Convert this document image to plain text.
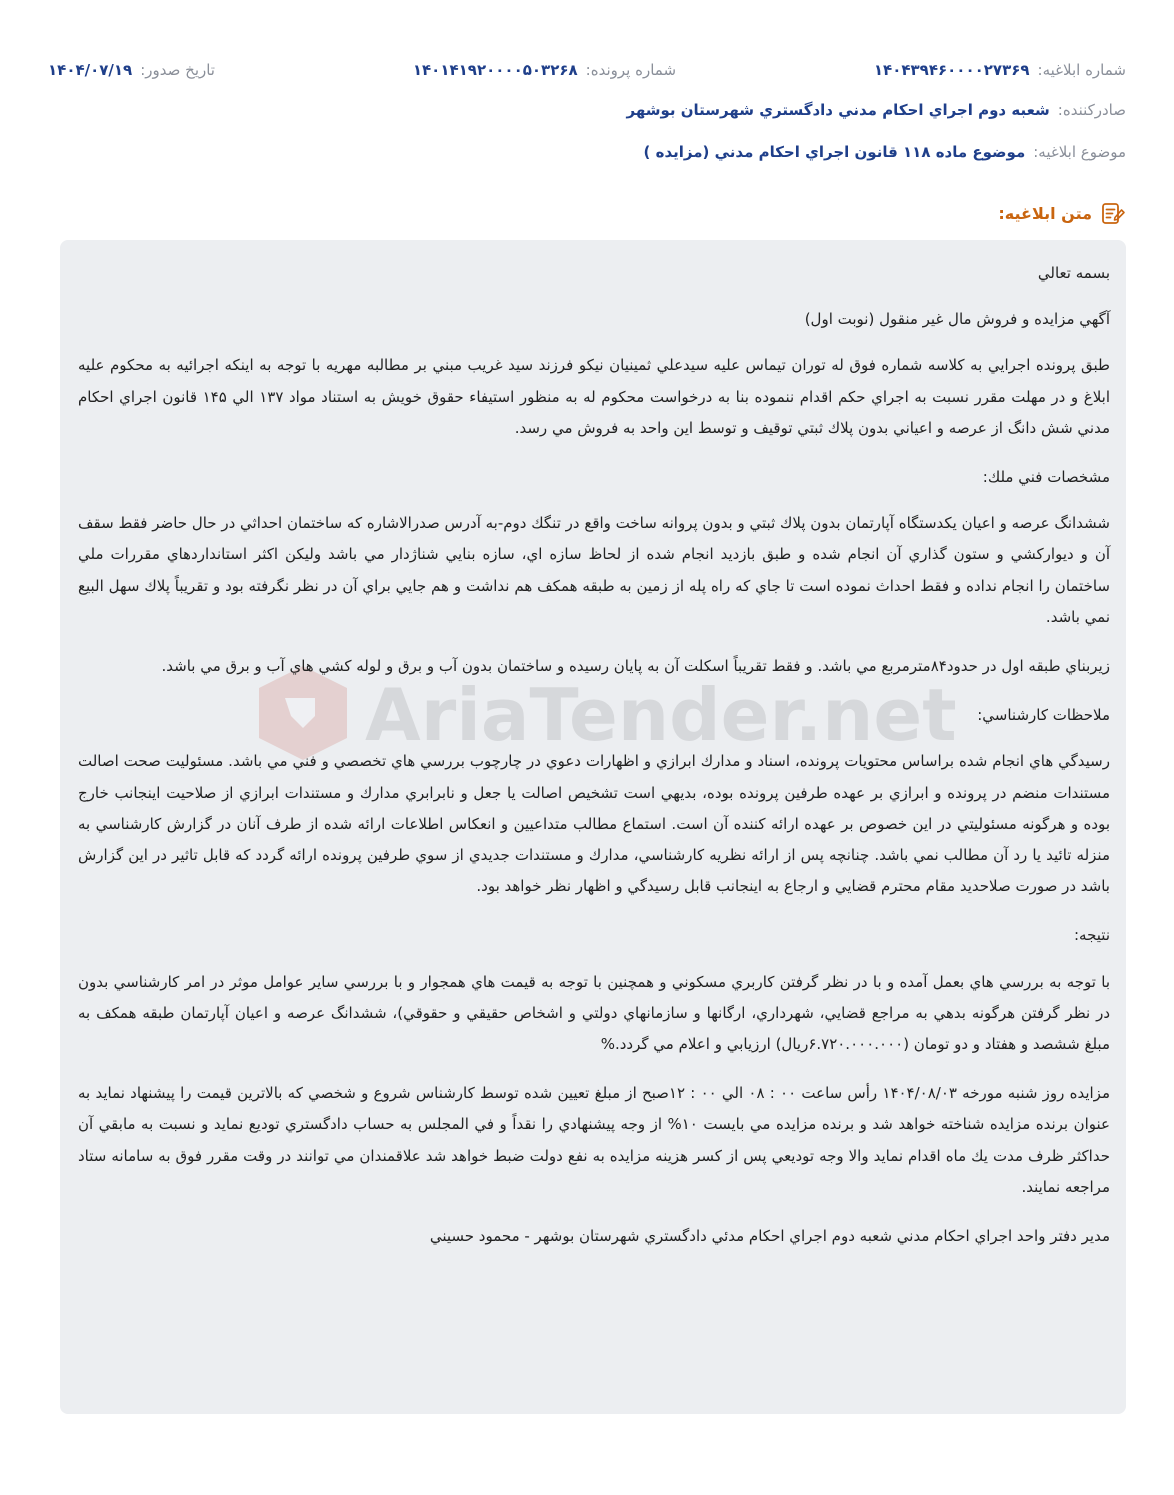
شماره ابلاغيه:
۱۴۰۴۳۹۴۶۰۰۰۰۲۷۳۶۹
شماره پرونده:
۱۴۰۱۴۱۹۲۰۰۰۰۵۰۳۲۶۸
تاريخ صدور:
۱۴۰۴/۰۷/۱۹
صادرکننده:
شعبه دوم اجراي احکام مدني دادگستري شهرستان بوشهر
موضوع ابلاغيه:
موضوع ماده ۱۱۸ قانون اجراي احکام مدني (مزايده )
متن ابلاغيه:
AriaTender.net

بسمه تعالي

آگهي مزايده و فروش مال غير منقول (نوبت اول)

طبق پرونده اجرايي به کلاسه شماره فوق له توران تيماس عليه سيدعلي ثمينيان نيکو فرزند سيد غريب مبني بر مطالبه مهريه با توجه به اينکه اجرائيه به محکوم عليه ابلاغ و در مهلت مقرر نسبت به اجراي حکم اقدام ننموده بنا به درخواست محکوم له به منظور استيفاء حقوق خويش به استناد مواد ۱۳۷ الي ۱۴۵ قانون اجراي احکام مدني شش دانگ از عرصه و اعياني بدون پلاك ثبتي توقيف و توسط اين واحد به فروش مي رسد.

مشخصات فني ملك:

ششدانگ عرصه و اعيان يكدستگاه آپارتمان بدون پلاك ثبتي و بدون پروانه ساخت واقع در تنگك دوم-به آدرس صدرالاشاره كه ساختمان احداثي در حال حاضر فقط سقف آن و ديواركشي و ستون گذاري آن انجام شده و طبق بازديد انجام شده از لحاظ سازه اي، سازه بنايي شناژدار مي باشد وليكن اكثر استانداردهاي مقررات ملي ساختمان را انجام نداده و فقط احداث نموده است تا جاي كه راه پله از زمين به طبقه همكف هم نداشت و هم جايي براي آن در نظر نگرفته بود و تقريباً پلاك سهل البيع نمي باشد.

زيربناي طبقه اول در حدود۸۴مترمربع مي باشد. و فقط تقريباً اسكلت آن به پايان رسيده و ساختمان بدون آب و برق و لوله كشي هاي آب و برق مي باشد.

ملاحظات كارشناسي:

رسيدگي هاي انجام شده براساس محتويات پرونده، اسناد و مدارك ابرازي و اظهارات دعوي در چارچوب بررسي هاي تخصصي و فني مي باشد. مسئوليت صحت اصالت مستندات منضم در پرونده و ابرازي بر عهده طرفين پرونده بوده، بديهي است تشخيص اصالت يا جعل و نابرابري مدارك و مستندات ابرازي از صلاحيت اينجانب خارج بوده و هرگونه مسئوليتي در اين خصوص بر عهده ارائه كننده آن است. استماع مطالب متداعيين و انعكاس اطلاعات ارائه شده از طرف آنان در گزارش كارشناسي به منزله تائيد يا رد آن مطالب نمي باشد. چنانچه پس از ارائه نظريه كارشناسي، مدارك و مستندات جديدي از سوي طرفين پرونده ارائه گردد كه قابل تاثير در اين گزارش باشد در صورت صلاحديد مقام محترم قضايي و ارجاع به اينجانب قابل رسيدگي و اظهار نظر خواهد بود.

نتيجه:

با توجه به بررسي هاي بعمل آمده و با در نظر گرفتن كاربري مسكوني و همچنين با توجه به قيمت هاي همجوار و با بررسي ساير عوامل موثر در امر كارشناسي بدون در نظر گرفتن هرگونه بدهي به مراجع قضايي، شهرداري، ارگانها و سازمانهاي دولتي و اشخاص حقيقي و حقوقي)، ششدانگ عرصه و اعيان آپارتمان طبقه همكف به مبلغ ششصد و هفتاد و دو تومان (۶.۷۲۰.۰۰۰.۰۰۰ريال) ارزيابي و اعلام مي گردد.%

مزايده روز شنبه مورخه ۱۴۰۴/۰۸/۰۳ رأس ساعت ۰۰ : ۰۸ الي ۰۰ : ۱۲صبح از مبلغ تعيين شده توسط كارشناس شروع و شخصي كه بالاترين قيمت را پيشنهاد نمايد به عنوان برنده مزايده شناخته خواهد شد و برنده مزايده مي بايست ۱۰% از وجه پيشنهادي را نقداً و في المجلس به حساب دادگستري توديع نمايد و نسبت به مابقي آن حداكثر ظرف مدت يك ماه اقدام نمايد والا وجه توديعي پس از كسر هزينه مزايده به نفع دولت ضبط خواهد شد علاقمندان مي توانند در وقت مقرر فوق به سامانه ستاد مراجعه نمايند.

مدير دفتر واحد اجراي احکام مدني شعبه دوم اجراي احكام مدئي دادگستري شهرستان بوشهر - محمود حسيني
